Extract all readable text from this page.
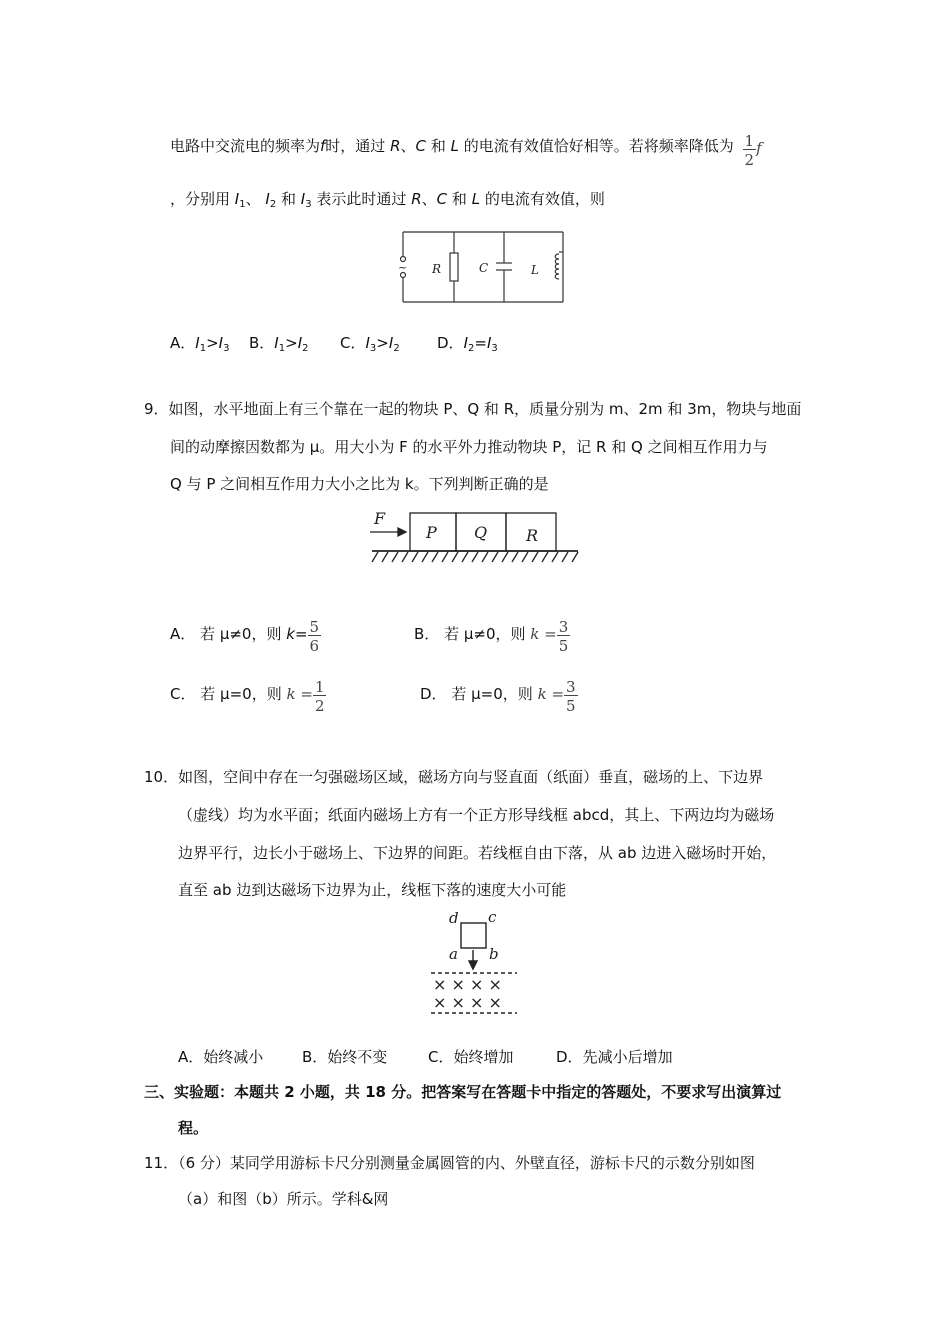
电路中交流电的频率为f时，通过 R、C 和 L 的电流有效值恰好相等。若将频率降低为 $\frac{1}{2}$ f
，分别用 $I_1$、 $I_2$ 和 $I_3$ 表示此时通过 R、C 和 L 的电流有效值，则
~ R	C	L
A．$I_1>I_3$ B．$I_1>I_2$ C．$I_3>I_2$ D．$I_2=I_3$
9．如图，水平地面上有三个靠在一起的物块 P、Q 和 R，质量分别为 m、2m 和 3m，物块与地面
间的动摩擦因数都为 μ。用大小为 F 的水平外力推动物块 P，记 R 和 Q 之间相互作用力与
Q 与 P 之间相互作用力大小之比为 k。下列判断正确的是
F
P Q R
A． 若 μ≠0，则 $k= \frac{5}{6}$	B． 若 μ≠0，则 $k = \frac{3}{5}$
C． 若 μ=0，则 $k = \frac{1}{2}$	D． 若 μ=0，则 $k = \frac{3}{5}$
10．如图，空间中存在一匀强磁场区域，磁场方向与竖直面（纸面）垂直，磁场的上、下边界
（虚线）均为水平面；纸面内磁场上方有一个正方形导线框 abcd，其上、下两边均为磁场
边界平行，边长小于磁场上、下边界的间距。若线框自由下落，从 ab 边进入磁场时开始，
直至 ab 边到达磁场下边界为止，线框下落的速度大小可能
d c
a b
× × × ×
× × × ×
A．始终减小	B．始终不变	C．始终增加	D．先减小后增加
三、实验题：本题共 2 小题，共 18 分。把答案写在答题卡中指定的答题处，不要求写出演算过
程。
11．（6 分）某同学用游标卡尺分别测量金属圆管的内、外壁直径，游标卡尺的示数分别如图
（a）和图（b）所示。学科&网
